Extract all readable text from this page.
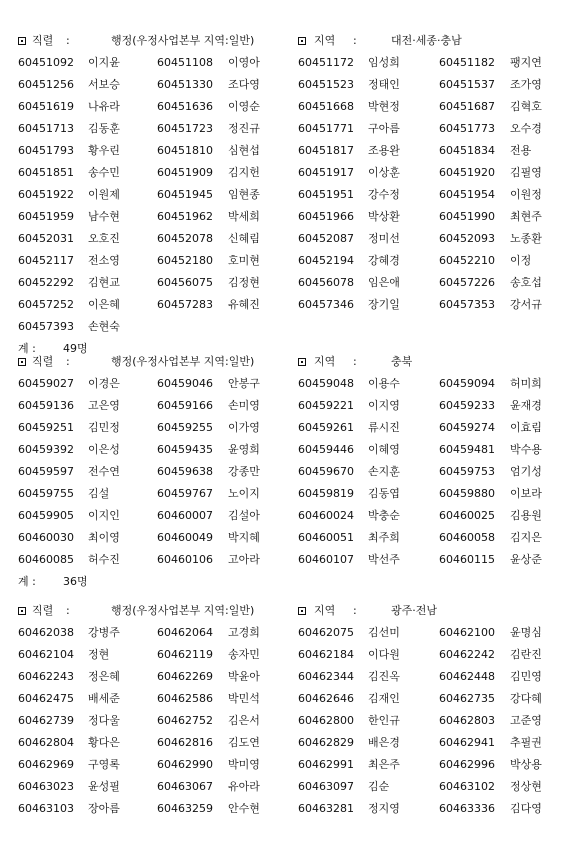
직렬 :	행정(우정사업본부 지역:일반)	지역 :	대전·세종·충남
60451092 이지윤	60451108 이영아	60451172 임성희	60451182 팽지연
60451256 서보승	60451330 조다영	60451523 정태인	60451537 조가영
60451619 나유라	60451636 이영순	60451668 박현정	60451687 김혁호
60451713 김동훈	60451723 정진규	60451771 구아름	60451773 오수경
60451793 황우린	60451810 심현섭	60451817 조용완	60451834 전용
60451851 송수민	60451909 김지헌	60451917 이상훈	60451920 김필영
60451922 이원제	60451945 임현종	60451951 강수정	60451954 이원정
60451959 남수현	60451962 박세희	60451966 박상환	60451990 최현주
60452031 오호진	60452078 신혜림	60452087 정미선	60452093 노종환
60452117 전소영	60452180 호미현	60452194 강혜경	60452210 이정
60452292 김현교	60456075 김정현	60456078 임은애	60457226 송호섭
60457252 이은혜	60457283 유혜진	60457346 장기일	60457353 강서규
60457393 손현숙
계 : 49명
직렬 :	행정(우정사업본부 지역:일반)	지역 :	충북
60459027 이경은	60459046 안봉구	60459048 이용수	60459094 허미희
60459136 고은영	60459166 손미영	60459221 이지영	60459233 윤재경
60459251 김민정	60459255 이가영	60459261 류시진	60459274 이효림
60459392 이은성	60459435 윤영희	60459446 이혜영	60459481 박수용
60459597 전수연	60459638 강종만	60459670 손지훈	60459753 엄기성
60459755 김설	60459767 노이지	60459819 김동엽	60459880 이보라
60459905 이지인	60460007 김설아	60460024 박충순	60460025 김용원
60460030 최이영	60460049 박지혜	60460051 최주희	60460058 김지은
60460085 허수진	60460106 고아라	60460107 박선주	60460115 윤상준
계 : 36명
직렬 :	행정(우정사업본부 지역:일반)	지역 :	광주·전남
60462038 강병주	60462064 고경희	60462075 김선미	60462100 윤명심
60462104 정현	60462119 송자민	60462184 이다원	60462242 김란진
60462243 정은혜	60462269 박윤아	60462344 김진옥	60462448 김민영
60462475 배세준	60462586 박민석	60462646 김재인	60462735 강다혜
60462739 정다울	60462752 김은서	60462800 한인규	60462803 고준영
60462804 황다은	60462816 김도연	60462829 배은경	60462941 추필권
60462969 구영록	60462990 박미영	60462991 최은주	60462996 박상용
60463023 윤성필	60463067 유아라	60463097 김순	60463102 정상현
60463103 장아름	60463259 안수현	60463281 정지영	60463336 김다영
